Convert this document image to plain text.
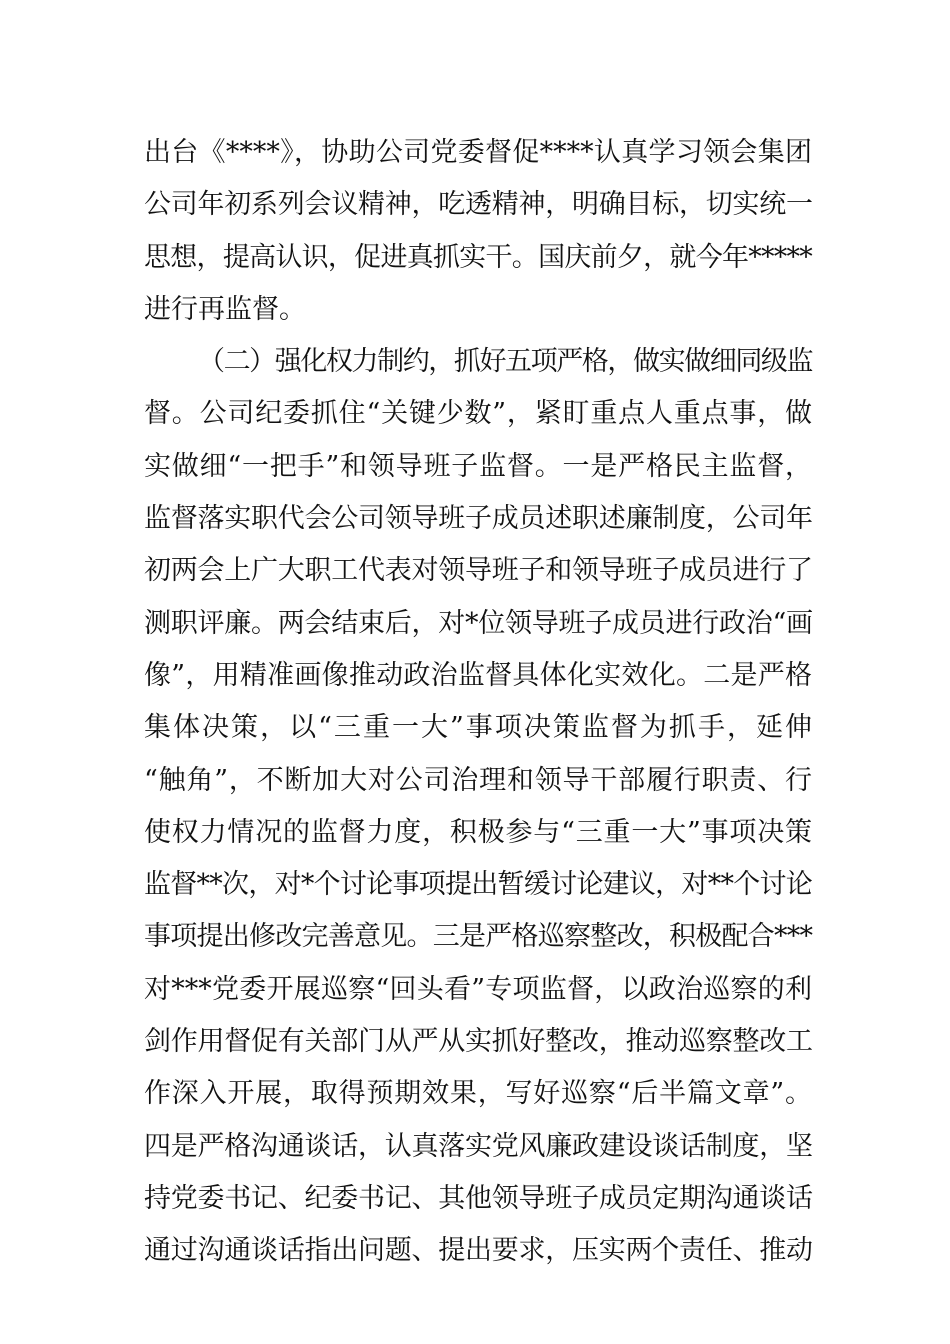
出台《****》，协助公司党委督促****认真学习领会集团
公司年初系列会议精神，吃透精神，明确目标，切实统一
思想，提高认识，促进真抓实干。国庆前夕，就今年*****
进行再监督。
（二）强化权力制约，抓好五项严格，做实做细同级监
督。公司纪委抓住“关键少数”，紧盯重点人重点事，做
实做细“一把手”和领导班子监督。一是严格民主监督，
监督落实职代会公司领导班子成员述职述廉制度，公司年
初两会上广大职工代表对领导班子和领导班子成员进行了
测职评廉。两会结束后，对*位领导班子成员进行政治“画
像”，用精准画像推动政治监督具体化实效化。二是严格
集体决策，以“三重一大”事项决策监督为抓手，延伸
“触角”，不断加大对公司治理和领导干部履行职责、行
使权力情况的监督力度，积极参与“三重一大”事项决策
监督**次，对*个讨论事项提出暂缓讨论建议，对**个讨论
事项提出修改完善意见。三是严格巡察整改，积极配合***
对***党委开展巡察“回头看”专项监督，以政治巡察的利
剑作用督促有关部门从严从实抓好整改，推动巡察整改工
作深入开展，取得预期效果，写好巡察“后半篇文章”。
四是严格沟通谈话，认真落实党风廉政建设谈话制度，坚
持党委书记、纪委书记、其他领导班子成员定期沟通谈话
通过沟通谈话指出问题、提出要求，压实两个责任、推动
